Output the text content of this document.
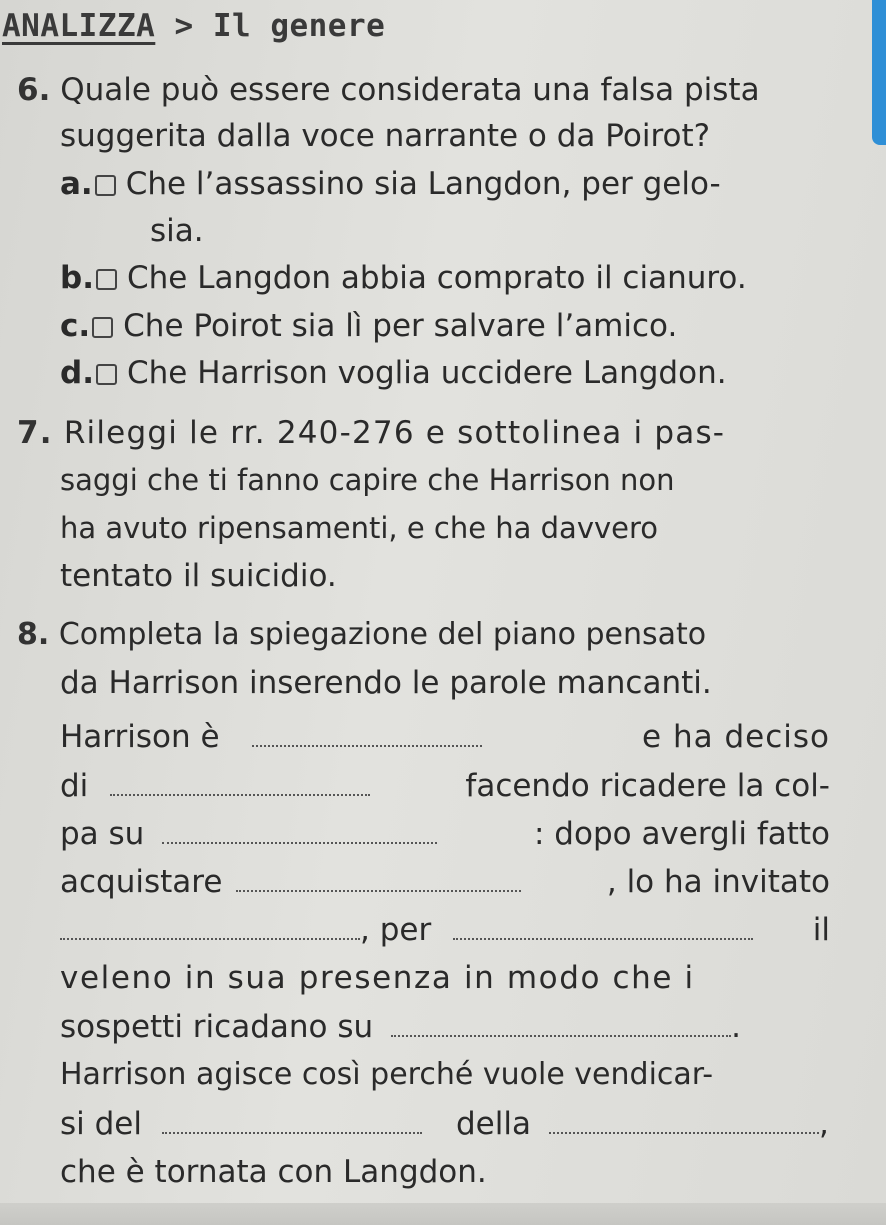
ANALIZZA > Il genere
6. Quale può essere considerata una falsa pista
suggerita dalla voce narrante o da Poirot?
a. Che l’assassino sia Langdon, per gelo-
sia.
b. Che Langdon abbia comprato il cianuro.
c. Che Poirot sia lì per salvare l’amico.
d. Che Harrison voglia uccidere Langdon.
7. Rileggi le rr. 240-276 e sottolinea i pas-
saggi che ti fanno capire che Harrison non
ha avuto ripensamenti, e che ha davvero
tentato il suicidio.
8. Completa la spiegazione del piano pensato
da Harrison inserendo le parole mancanti.
Harrison è	e ha deciso
di	facendo ricadere la col-
pa su	: dopo avergli fatto
acquistare	, lo ha invitato
, per	il
veleno in sua presenza in modo che i
sospetti ricadano su	.
Harrison agisce così perché vuole vendicar-
si del	della	,
che è tornata con Langdon.
